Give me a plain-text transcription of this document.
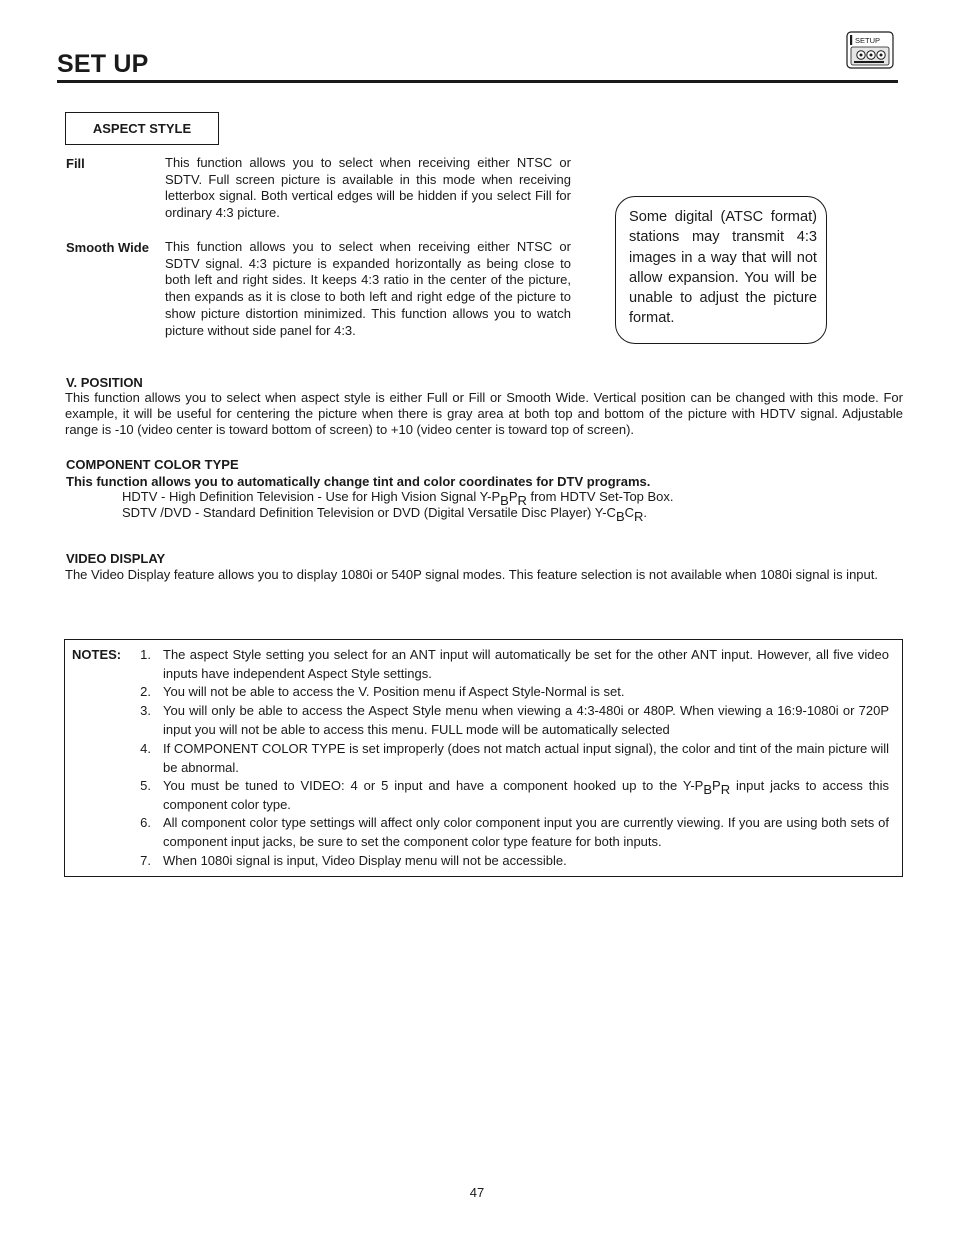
SET UP
SETUP
ASPECT STYLE
Fill	This function allows you to select when receiving either NTSC or SDTV. Full screen picture is available in this mode when receiving letterbox signal. Both vertical edges will be hidden if you select Fill for ordinary 4:3 picture.
Smooth Wide This function allows you to select when receiving either NTSC or SDTV signal. 4:3 picture is expanded horizontally as being close to both left and right sides. It keeps 4:3 ratio in the center of the picture, then expands as it is close to both left and right edge of the picture to show picture distortion minimized. This function allows you to watch picture without side panel for 4:3.
Some digital (ATSC format) stations may transmit 4:3 images in a way that will not allow expansion. You will be unable to adjust the picture format.
V. POSITION
This function allows you to select when aspect style is either Full or Fill or Smooth Wide. Vertical position can be changed with this mode. For example, it will be useful for centering the picture when there is gray area at both top and bottom of the picture with HDTV signal. Adjustable range is -10 (video center is toward bottom of screen) to +10 (video center is toward top of screen).
COMPONENT COLOR TYPE
This function allows you to automatically change tint and color coordinates for DTV programs.
HDTV - High Definition Television - Use for High Vision Signal $Y-P_BP_R$ from HDTV Set-Top Box.
SDTV /DVD - Standard Definition Television or DVD (Digital Versatile Disc Player) $Y-C_BC_R$.
VIDEO DISPLAY
The Video Display feature allows you to display 1080i or 540P signal modes. This feature selection is not available when 1080i signal is input.
NOTES: 1. The aspect Style setting you select for an ANT input will automatically be set for the other ANT input. However, all five video inputs have independent Aspect Style settings.
2. You will not be able to access the V. Position menu if Aspect Style-Normal is set.
3. You will only be able to access the Aspect Style menu when viewing a 4:3-480i or 480P. When viewing a 16:9-1080i or 720P input you will not be able to access this menu. FULL mode will be automatically selected
4. If COMPONENT COLOR TYPE is set improperly (does not match actual input signal), the color and tint of the main picture will be abnormal.
5. You must be tuned to VIDEO: 4 or 5 input and have a component hooked up to the $Y-P_BP_R$ input jacks to access this component color type.
6. All component color type settings will affect only color component input you are currently viewing. If you are using both sets of component input jacks, be sure to set the component color type feature for both inputs.
7. When 1080i signal is input, Video Display menu will not be accessible.
47
